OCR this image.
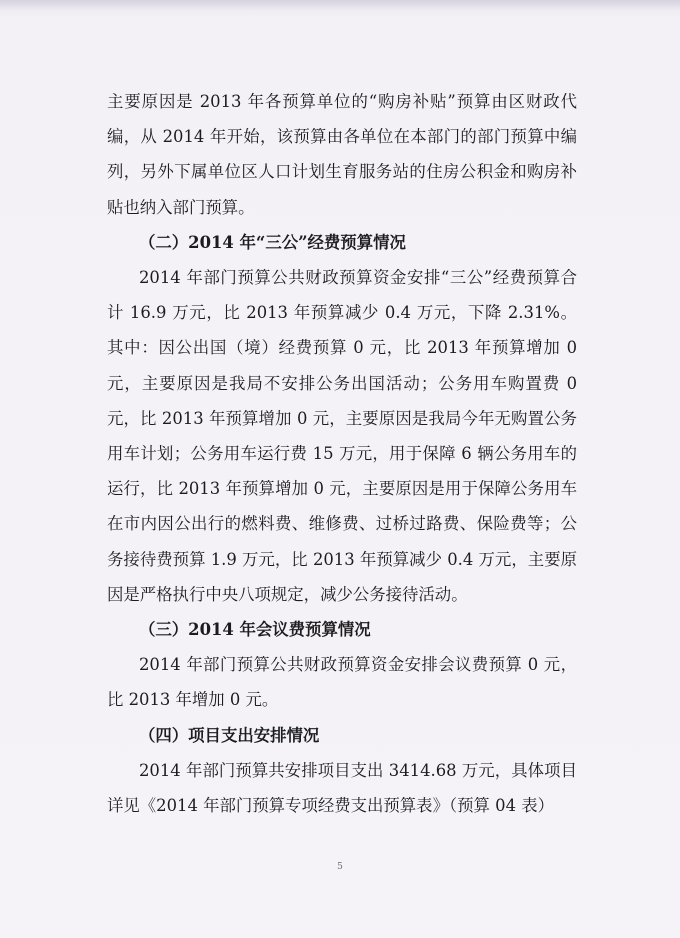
主要原因是 2013 年各预算单位的“购房补贴”预算由区财政代编，从 2014 年开始，该预算由各单位在本部门的部门预算中编列，另外下属单位区人口计划生育服务站的住房公积金和购房补贴也纳入部门预算。

（二）2014 年“三公”经费预算情况

2014 年部门预算公共财政预算资金安排“三公”经费预算合计 16.9 万元，比 2013 年预算减少 0.4 万元，下降 2.31%。其中：因公出国（境）经费预算 0 元，比 2013 年预算增加 0 元，主要原因是我局不安排公务出国活动；公务用车购置费 0 元，比 2013 年预算增加 0 元，主要原因是我局今年无购置公务用车计划；公务用车运行费 15 万元，用于保障 6 辆公务用车的运行，比 2013 年预算增加 0 元，主要原因是用于保障公务用车在市内因公出行的燃料费、维修费、过桥过路费、保险费等；公务接待费预算 1.9 万元，比 2013 年预算减少 0.4 万元，主要原因是严格执行中央八项规定，减少公务接待活动。

（三）2014 年会议费预算情况

2014 年部门预算公共财政预算资金安排会议费预算 0 元，比 2013 年增加 0 元。

（四）项目支出安排情况

2014 年部门预算共安排项目支出 3414.68 万元，具体项目详见《2014 年部门预算专项经费支出预算表》（预算 04 表）

5
